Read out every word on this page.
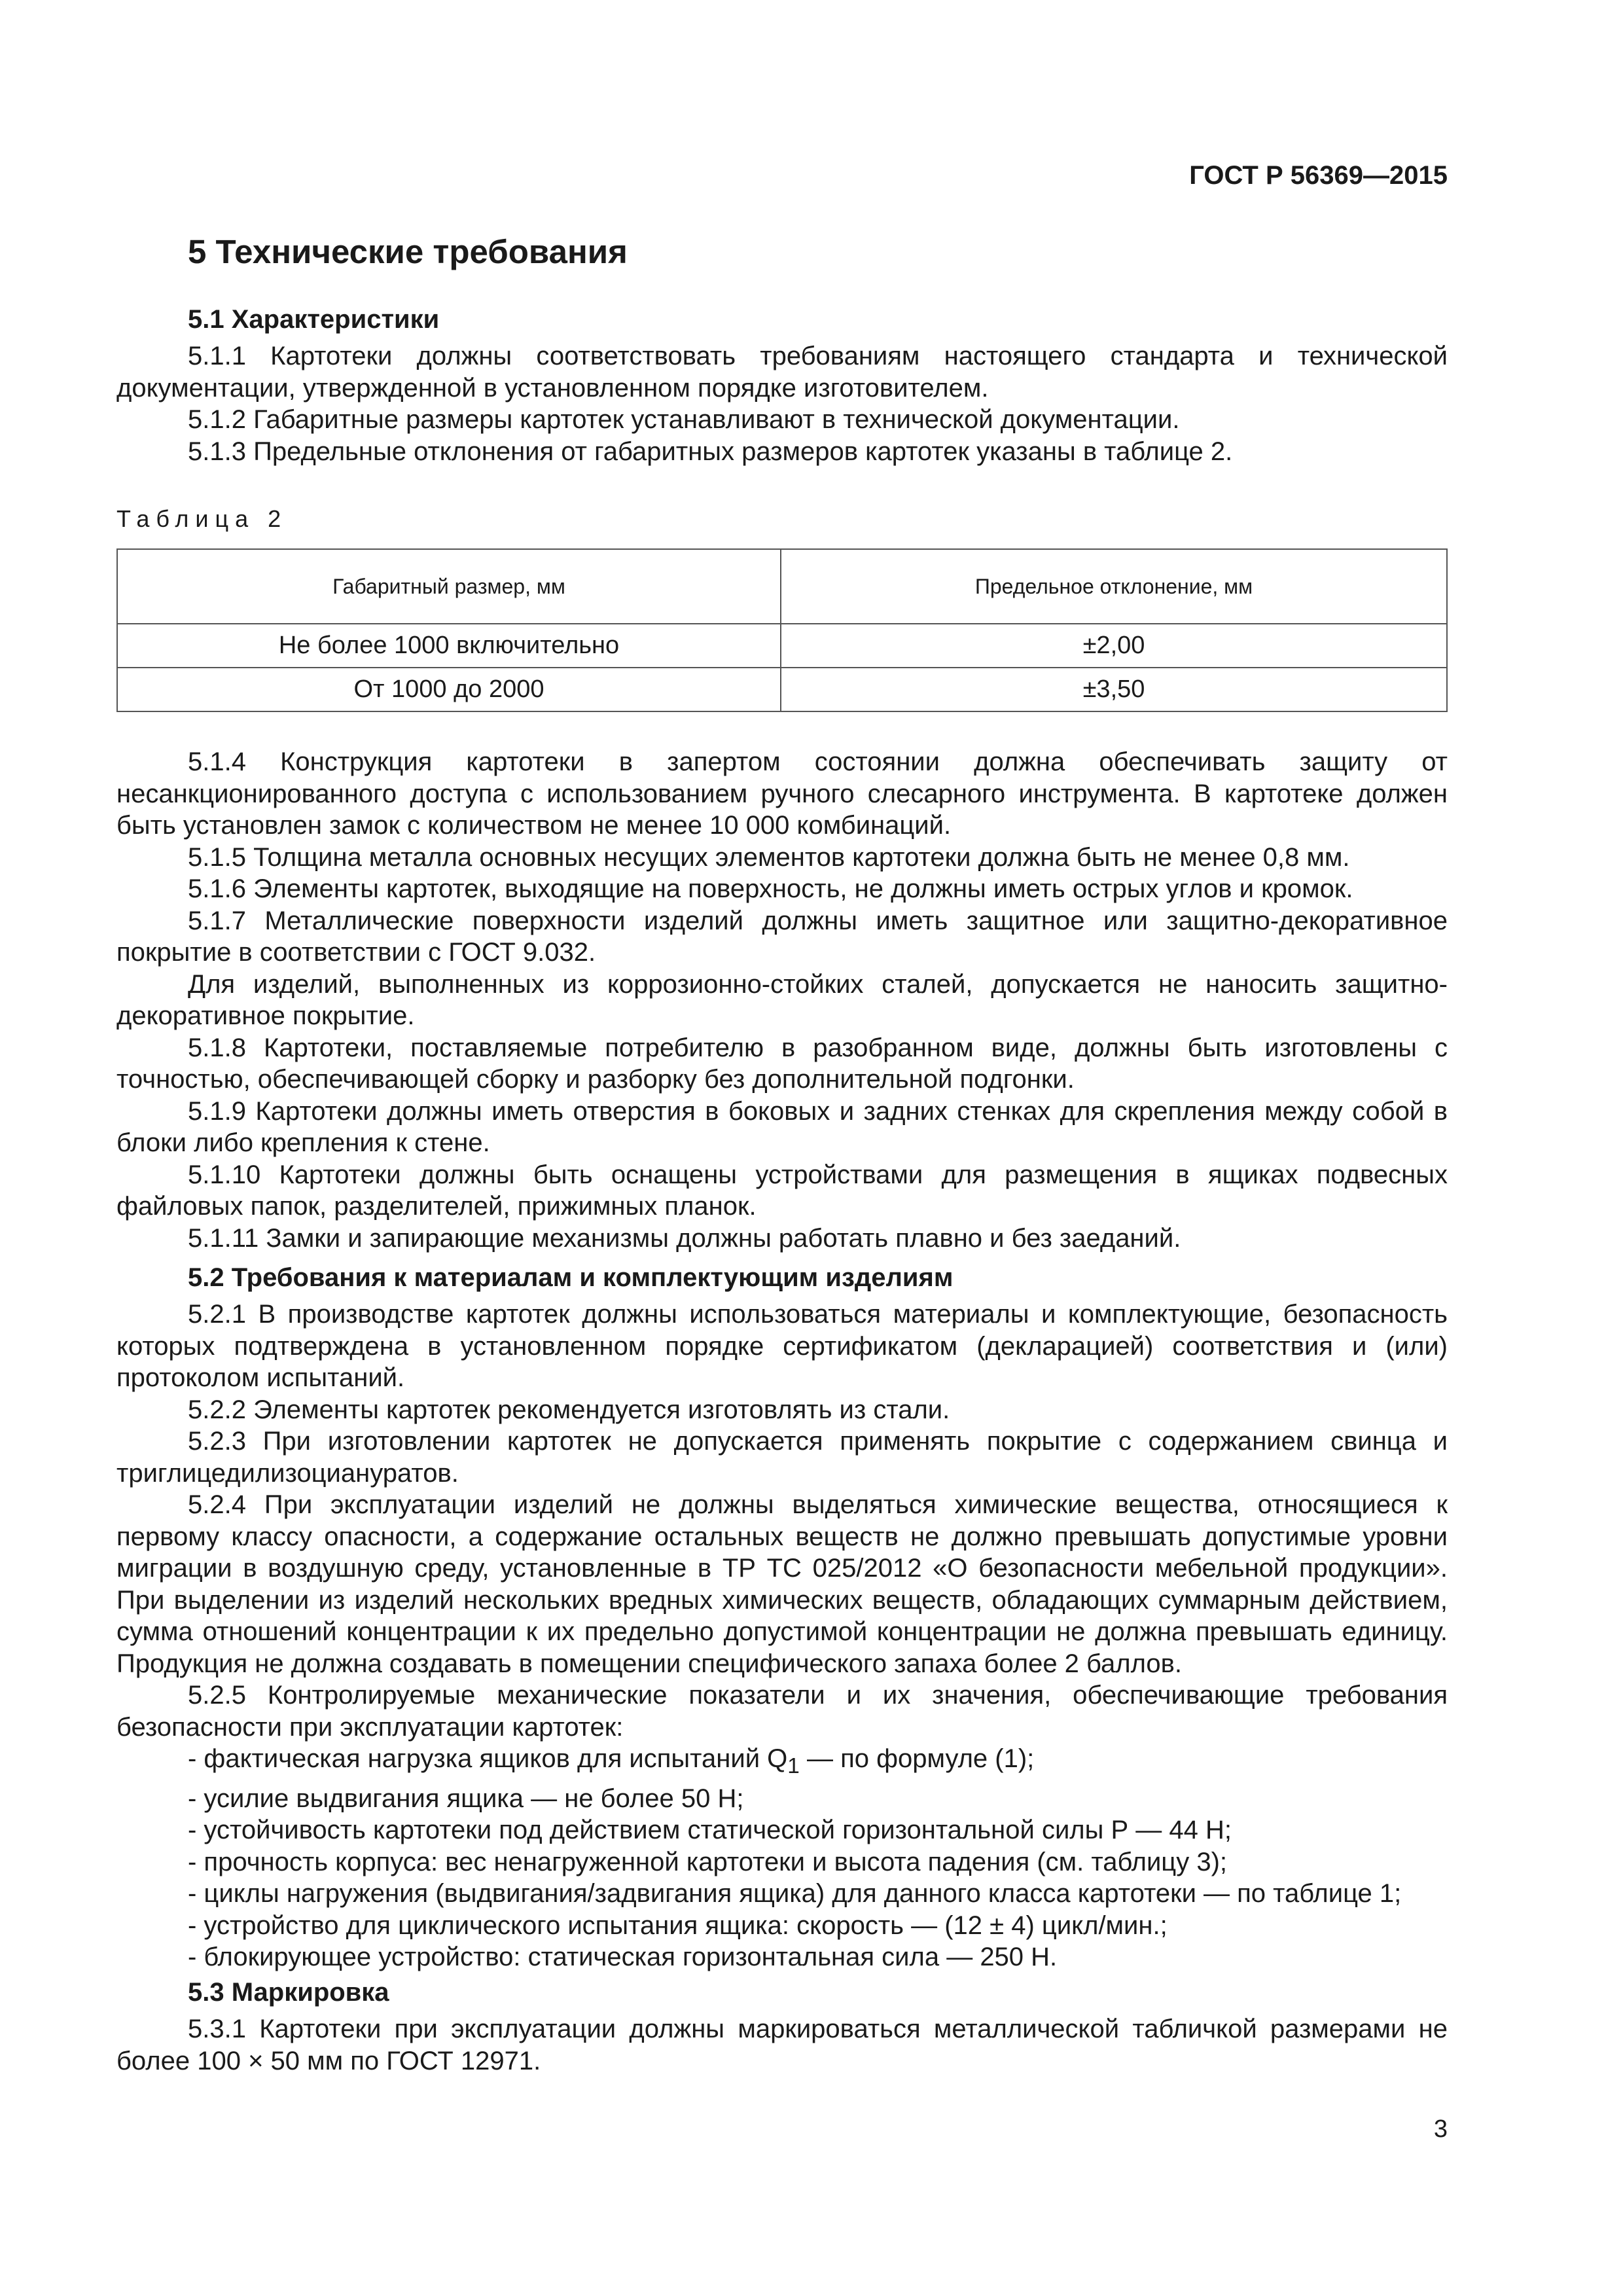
ГОСТ Р 56369—2015
5 Технические требования
5.1 Характеристики

5.1.1 Картотеки должны соответствовать требованиям настоящего стандарта и технической документации, утвержденной в установленном порядке изготовителем.

5.1.2 Габаритные размеры картотек устанавливают в технической документации.

5.1.3 Предельные отклонения от габаритных размеров картотек указаны в таблице 2.

Таблица 2
Габаритный размер, мм	Предельное отклонение, мм
Не более 1000 включительно	±2,00
От 1000 до 2000	±3,50

5.1.4 Конструкция картотеки в запертом состоянии должна обеспечивать защиту от несанкционированного доступа с использованием ручного слесарного инструмента. В картотеке должен быть установлен замок с количеством не менее 10 000 комбинаций.

5.1.5 Толщина металла основных несущих элементов картотеки должна быть не менее 0,8 мм.

5.1.6 Элементы картотек, выходящие на поверхность, не должны иметь острых углов и кромок.

5.1.7 Металлические поверхности изделий должны иметь защитное или защитно-декоративное покрытие в соответствии с ГОСТ 9.032.

Для изделий, выполненных из коррозионно-стойких сталей, допускается не наносить защитно-декоративное покрытие.

5.1.8 Картотеки, поставляемые потребителю в разобранном виде, должны быть изготовлены с точностью, обеспечивающей сборку и разборку без дополнительной подгонки.

5.1.9 Картотеки должны иметь отверстия в боковых и задних стенках для скрепления между собой в блоки либо крепления к стене.

5.1.10 Картотеки должны быть оснащены устройствами для размещения в ящиках подвесных файловых папок, разделителей, прижимных планок.

5.1.11 Замки и запирающие механизмы должны работать плавно и без заеданий.

5.2 Требования к материалам и комплектующим изделиям

5.2.1 В производстве картотек должны использоваться материалы и комплектующие, безопасность которых подтверждена в установленном порядке сертификатом (декларацией) соответствия и (или) протоколом испытаний.

5.2.2 Элементы картотек рекомендуется изготовлять из стали.

5.2.3 При изготовлении картотек не допускается применять покрытие с содержанием свинца и триглицедилизоциануратов.

5.2.4 При эксплуатации изделий не должны выделяться химические вещества, относящиеся к первому классу опасности, а содержание остальных веществ не должно превышать допустимые уровни миграции в воздушную среду, установленные в ТР ТС 025/2012 «О безопасности мебельной продукции». При выделении из изделий нескольких вредных химических веществ, обладающих суммарным действием, сумма отношений концентрации к их предельно допустимой концентрации не должна превышать единицу. Продукция не должна создавать в помещении специфического запаха более 2 баллов.

5.2.5 Контролируемые механические показатели и их значения, обеспечивающие требования безопасности при эксплуатации картотек:

- фактическая нагрузка ящиков для испытаний $Q_1$ — по формуле (1);

- усилие выдвигания ящика — не более 50 Н;

- устойчивость картотеки под действием статической горизонтальной силы Р — 44 Н;

- прочность корпуса: вес ненагруженной картотеки и высота падения (см. таблицу 3);

- циклы нагружения (выдвигания/задвигания ящика) для данного класса картотеки — по таблице 1;

- устройство для циклического испытания ящика: скорость — (12 ± 4) цикл/мин.;

- блокирующее устройство: статическая горизонтальная сила — 250 Н.

5.3 Маркировка

5.3.1 Картотеки при эксплуатации должны маркироваться металлической табличкой размерами не более 100 × 50 мм по ГОСТ 12971.

3
